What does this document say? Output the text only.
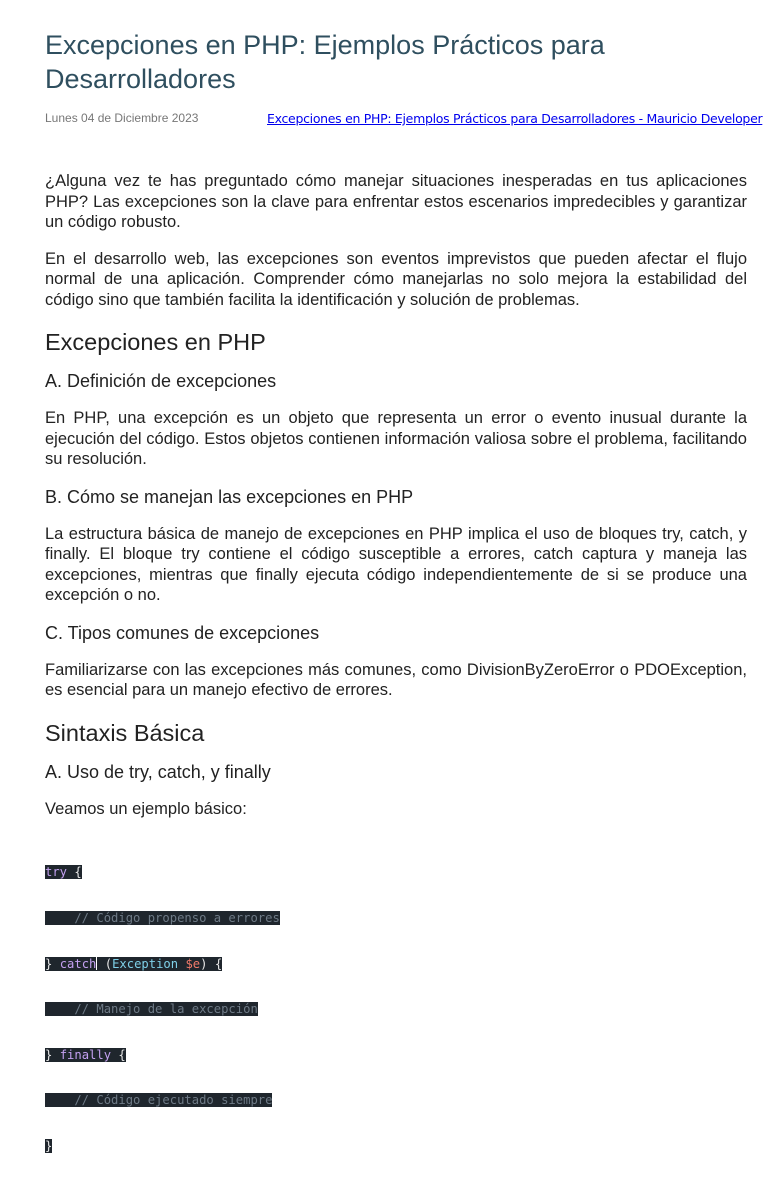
Excepciones en PHP: Ejemplos Prácticos para Desarrolladores
Lunes 04 de Diciembre 2023	Excepciones en PHP: Ejemplos Prácticos para Desarrolladores - Mauricio Developer

¿Alguna vez te has preguntado cómo manejar situaciones inesperadas en tus aplicaciones PHP? Las excepciones son la clave para enfrentar estos escenarios impredecibles y garantizar un código robusto.

En el desarrollo web, las excepciones son eventos imprevistos que pueden afectar el flujo normal de una aplicación. Comprender cómo manejarlas no solo mejora la estabilidad del código sino que también facilita la identificación y solución de problemas.

Excepciones en PHP
A. Definición de excepciones

En PHP, una excepción es un objeto que representa un error o evento inusual durante la ejecución del código. Estos objetos contienen información valiosa sobre el problema, facilitando su resolución.

B. Cómo se manejan las excepciones en PHP

La estructura básica de manejo de excepciones en PHP implica el uso de bloques try, catch, y finally. El bloque try contiene el código susceptible a errores, catch captura y maneja las excepciones, mientras que finally ejecuta código independientemente de si se produce una excepción o no.

C. Tipos comunes de excepciones

Familiarizarse con las excepciones más comunes, como DivisionByZeroError o PDOException, es esencial para un manejo efectivo de errores.

Sintaxis Básica
A. Uso de try, catch, y finally

Veamos un ejemplo básico:

try {

// Código propenso a errores

} catch (Exception $e) {

// Manejo de la excepción

} finally {

// Código ejecutado siempre

}
